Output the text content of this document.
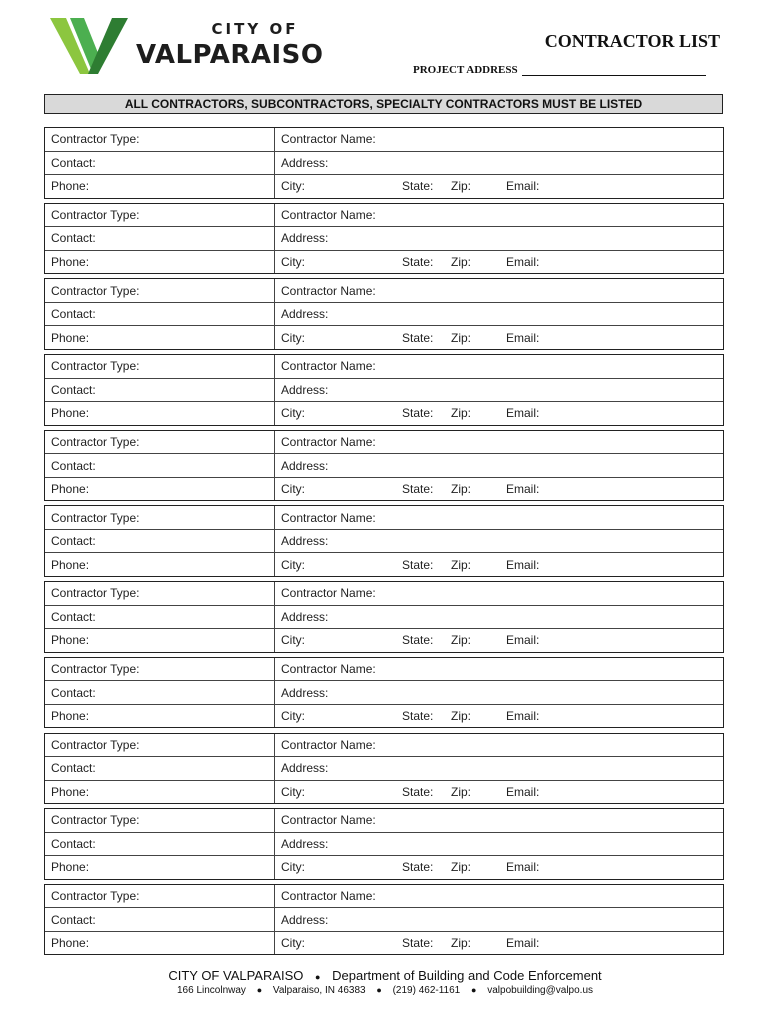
CITY OF
VALPARAISO	CONTRACTOR LIST
PROJECT ADDRESS
ALL CONTRACTORS, SUBCONTRACTORS, SPECIALTY CONTRACTORS MUST BE LISTED
Contractor Type:	Contractor Name:
Contact:	Address:
Phone:	City:	State: Zip:	Email:
Contractor Type:	Contractor Name:
Contact:	Address:
Phone:	City:	State: Zip:	Email:
Contractor Type:	Contractor Name:
Contact:	Address:
Phone:	City:	State: Zip:	Email:
Contractor Type:	Contractor Name:
Contact:	Address:
Phone:	City:	State: Zip:	Email:
Contractor Type:	Contractor Name:
Contact:	Address:
Phone:	City:	State: Zip:	Email:
Contractor Type:	Contractor Name:
Contact:	Address:
Phone:	City:	State: Zip:	Email:
Contractor Type:	Contractor Name:
Contact:	Address:
Phone:	City:	State: Zip:	Email:
Contractor Type:	Contractor Name:
Contact:	Address:
Phone:	City:	State: Zip:	Email:
Contractor Type:	Contractor Name:
Contact:	Address:
Phone:	City:	State: Zip:	Email:
Contractor Type:	Contractor Name:
Contact:	Address:
Phone:	City:	State: Zip:	Email:
Contractor Type:	Contractor Name:
Contact:	Address:
Phone:	City:	State: Zip:	Email:
CITY OF VALPARAISO ● Department of Building and Code Enforcement
166 Lincolnway ● Valparaiso, IN 46383 ● (219) 462-1161 ● valpobuilding@valpo.us
